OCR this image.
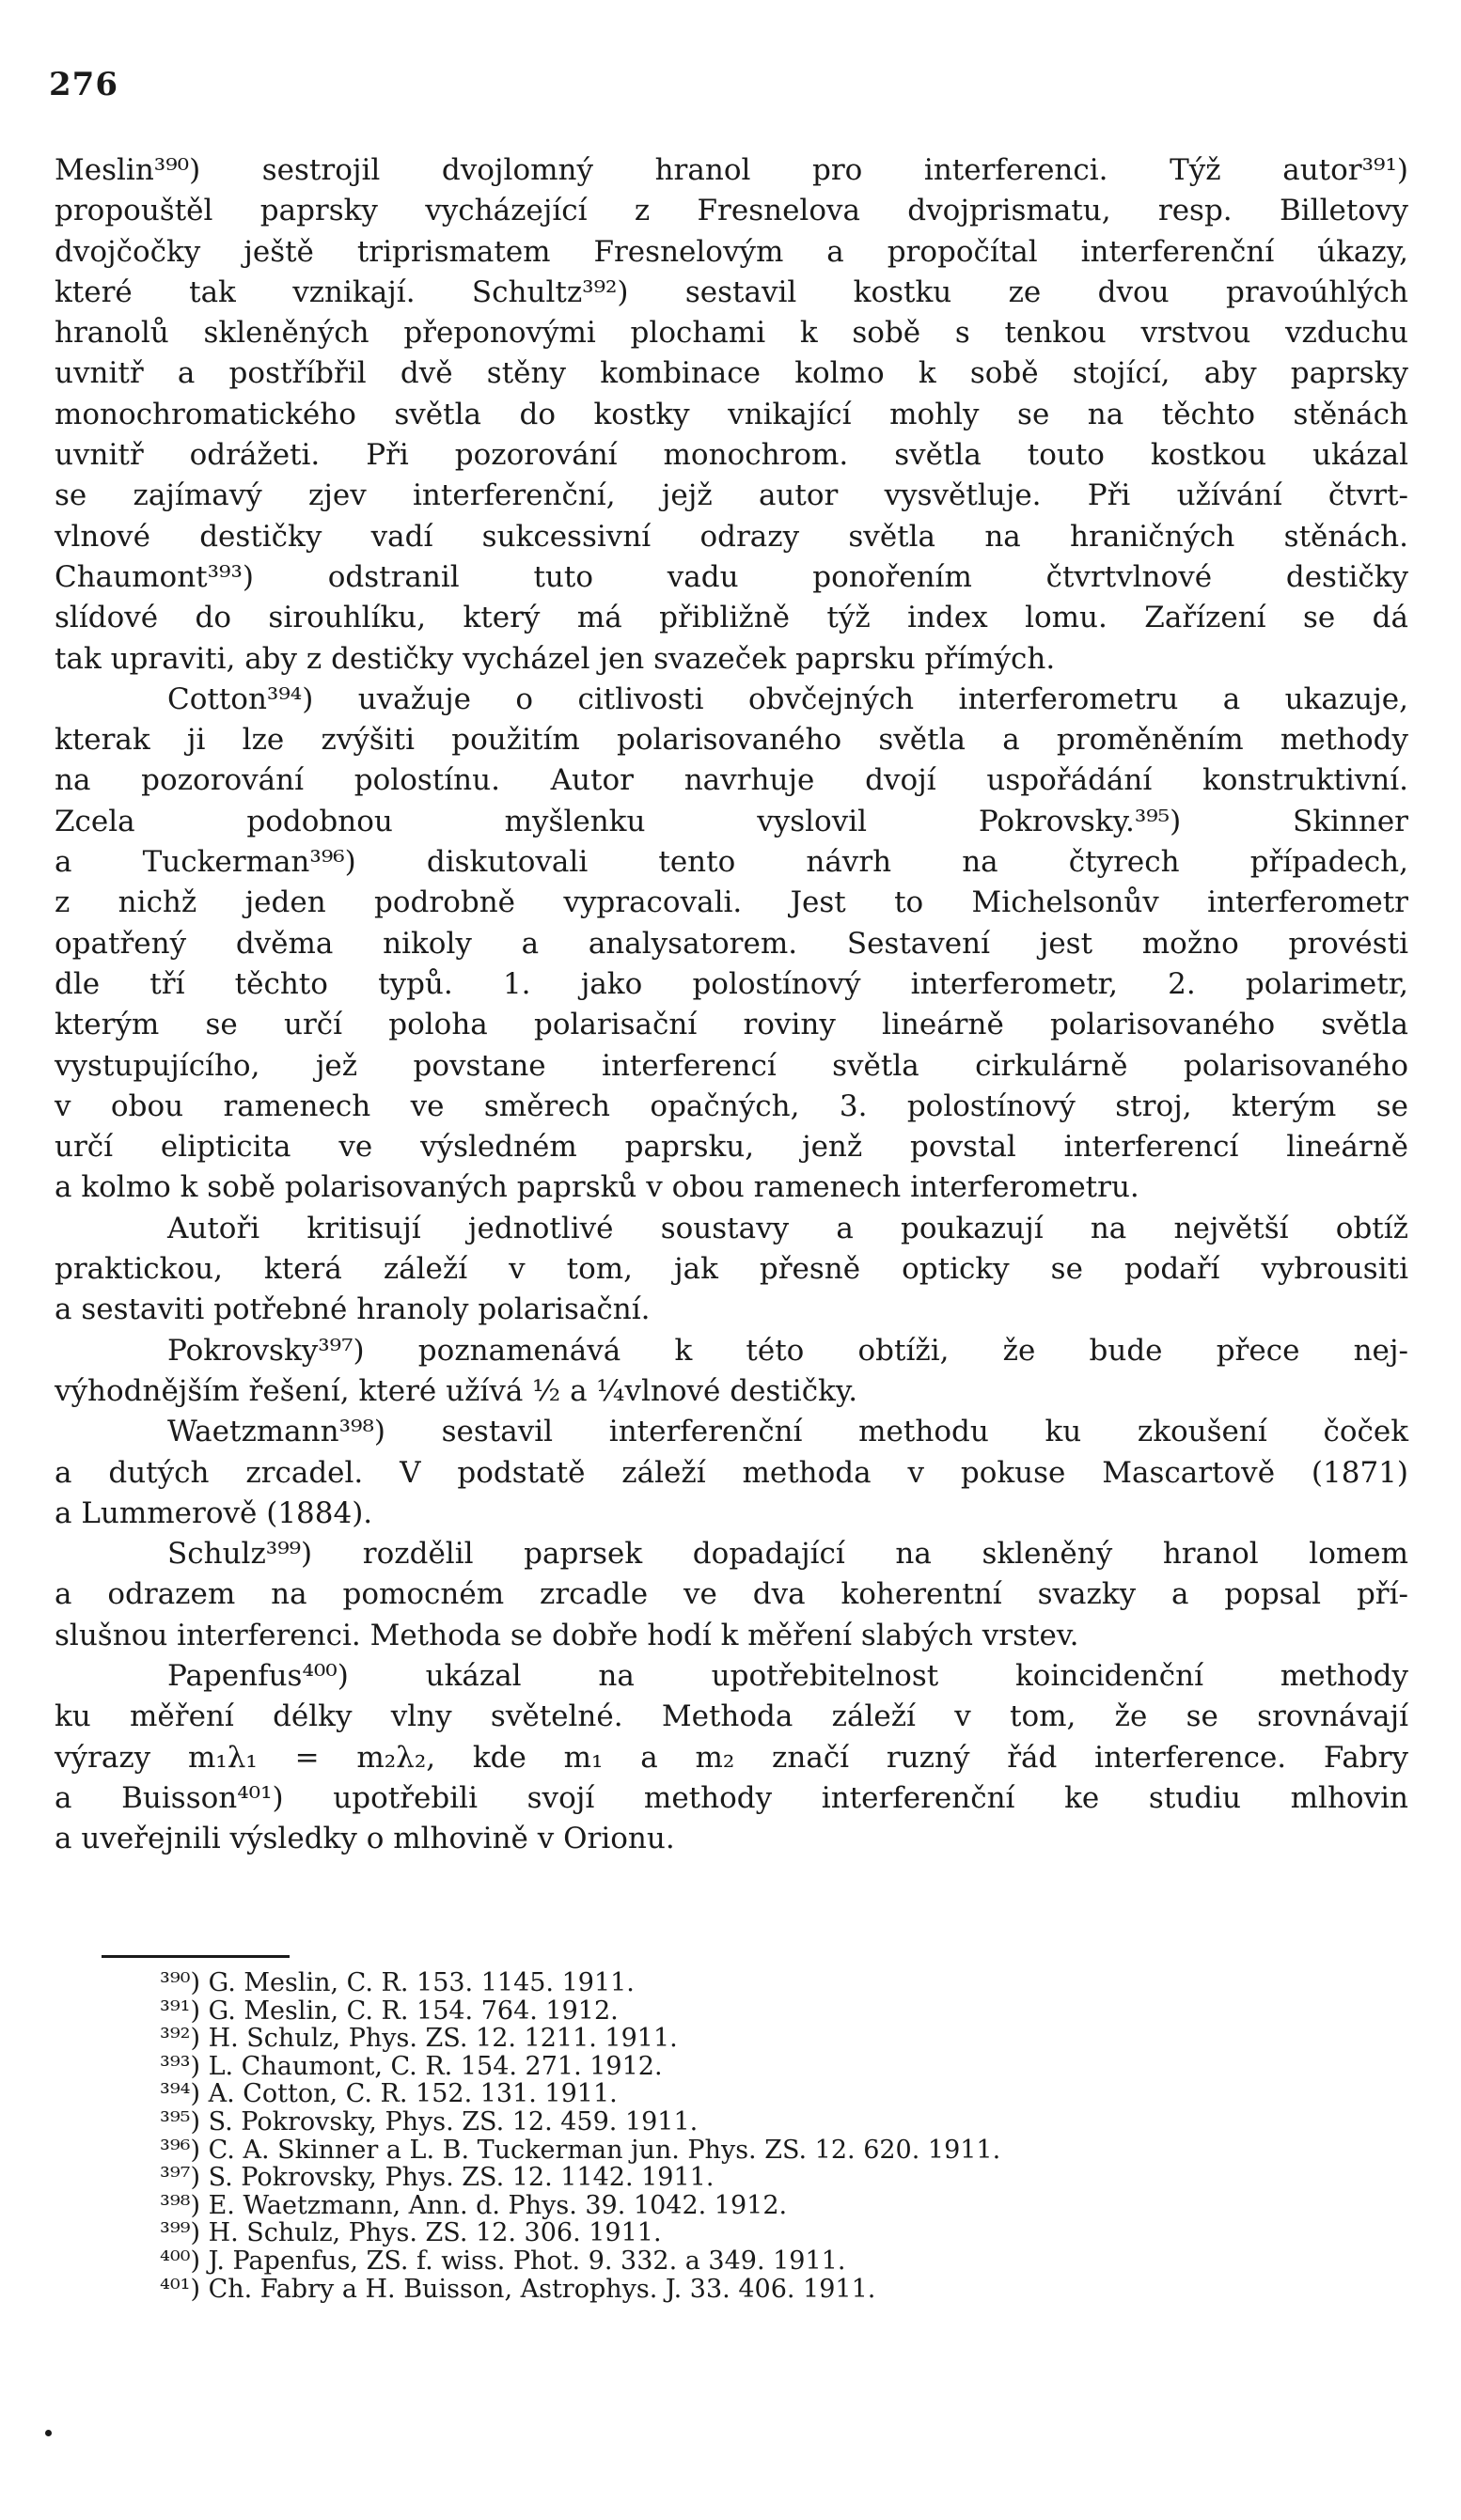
276
Meslin³⁹⁰) sestrojil dvojlomný hranol pro interferenci. Týž autor³⁹¹)
propouštěl paprsky vycházející z Fresnelova dvojprismatu, resp. Billetovy
dvojčočky ještě triprismatem Fresnelovým a propočítal interferenční úkazy,
které tak vznikají. Schultz³⁹²) sestavil kostku ze dvou pravoúhlých
hranolů skleněných přeponovými plochami k sobě s tenkou vrstvou vzduchu
uvnitř a postříbřil dvě stěny kombinace kolmo k sobě stojící, aby paprsky
monochromatického světla do kostky vnikající mohly se na těchto stěnách
uvnitř odrážeti. Při pozorování monochrom. světla touto kostkou ukázal
se zajímavý zjev interferenční, jejž autor vysvětluje. Při užívání čtvrt-
vlnové destičky vadí sukcessivní odrazy světla na hraničných stěnách.
Chaumont³⁹³) odstranil tuto vadu ponořením čtvrtvlnové destičky
slídové do sirouhlíku, který má přibližně týž index lomu. Zařízení se dá
tak upraviti, aby z destičky vycházel jen svazeček paprsku přímých.
Cotton³⁹⁴) uvažuje o citlivosti obvčejných interferometru a ukazuje,
kterak ji lze zvýšiti použitím polarisovaného světla a proměněním methody
na pozorování polostínu. Autor navrhuje dvojí uspořádání konstruktivní.
Zcela podobnou myšlenku vyslovil Pokrovsky.³⁹⁵) Skinner
a Tuckerman³⁹⁶) diskutovali tento návrh na čtyrech případech,
z nichž jeden podrobně vypracovali. Jest to Michelsonův interferometr
opatřený dvěma nikoly a analysatorem. Sestavení jest možno provésti
dle tří těchto typů. 1. jako polostínový interferometr, 2. polarimetr,
kterým se určí poloha polarisační roviny lineárně polarisovaného světla
vystupujícího, jež povstane interferencí světla cirkulárně polarisovaného
v obou ramenech ve směrech opačných, 3. polostínový stroj, kterým se
určí elipticita ve výsledném paprsku, jenž povstal interferencí lineárně
a kolmo k sobě polarisovaných paprsků v obou ramenech interferometru.
Autoři kritisují jednotlivé soustavy a poukazují na největší obtíž
praktickou, která záleží v tom, jak přesně opticky se podaří vybrousiti
a sestaviti potřebné hranoly polarisační.
Pokrovsky³⁹⁷) poznamenává k této obtíži, že bude přece nej-
výhodnějším řešení, které užívá ½ a ¼vlnové destičky.
Waetzmann³⁹⁸) sestavil interferenční methodu ku zkoušení čoček
a dutých zrcadel. V podstatě záleží methoda v pokuse Mascartově (1871)
a Lummerově (1884).
Schulz³⁹⁹) rozdělil paprsek dopadající na skleněný hranol lomem
a odrazem na pomocném zrcadle ve dva koherentní svazky a popsal pří-
slušnou interferenci. Methoda se dobře hodí k měření slabých vrstev.
Papenfus⁴⁰⁰) ukázal na upotřebitelnost koincidenční methody
ku měření délky vlny světelné. Methoda záleží v tom, že se srovnávají
výrazy m₁λ₁ = m₂λ₂, kde m₁ a m₂ značí ruzný řád interference. Fabry
a Buisson⁴⁰¹) upotřebili svojí methody interferenční ke studiu mlhovin
a uveřejnili výsledky o mlhovině v Orionu.
³⁹⁰) G. Meslin, C. R. 153. 1145. 1911.
³⁹¹) G. Meslin, C. R. 154. 764. 1912.
³⁹²) H. Schulz, Phys. ZS. 12. 1211. 1911.
³⁹³) L. Chaumont, C. R. 154. 271. 1912.
³⁹⁴) A. Cotton, C. R. 152. 131. 1911.
³⁹⁵) S. Pokrovsky, Phys. ZS. 12. 459. 1911.
³⁹⁶) C. A. Skinner a L. B. Tuckerman jun. Phys. ZS. 12. 620. 1911.
³⁹⁷) S. Pokrovsky, Phys. ZS. 12. 1142. 1911.
³⁹⁸) E. Waetzmann, Ann. d. Phys. 39. 1042. 1912.
³⁹⁹) H. Schulz, Phys. ZS. 12. 306. 1911.
⁴⁰⁰) J. Papenfus, ZS. f. wiss. Phot. 9. 332. a 349. 1911.
⁴⁰¹) Ch. Fabry a H. Buisson, Astrophys. J. 33. 406. 1911.
